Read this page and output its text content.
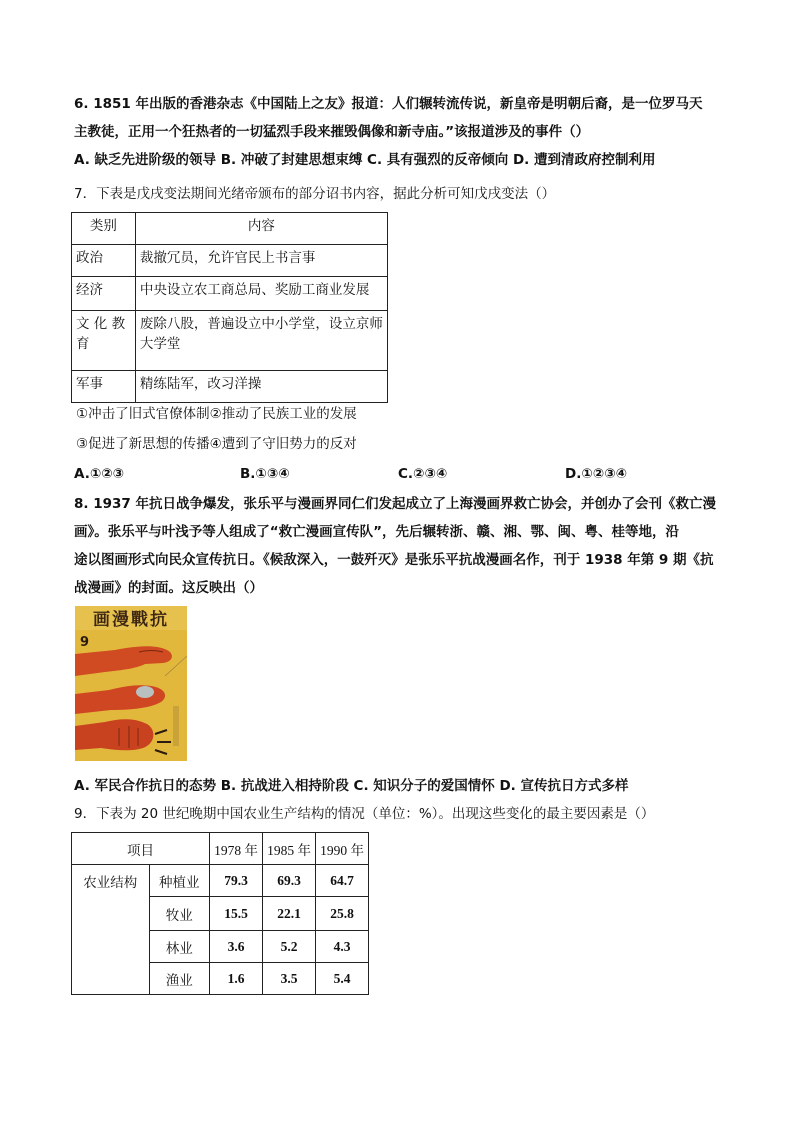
6. 1851 年出版的香港杂志《中国陆上之友》报道：人们辗转流传说，新皇帝是明朝后裔，是一位罗马天
主教徒，正用一个狂热者的一切猛烈手段来摧毁偶像和新寺庙。”该报道涉及的事件（）
A. 缺乏先进阶级的领导 B. 冲破了封建思想束缚 C. 具有强烈的反帝倾向 D. 遭到清政府控制利用
7．下表是戊戌变法期间光绪帝颁布的部分诏书内容，据此分析可知戊戌变法（）
类别	内容

政治	裁撤冗员，允许官民上书言事

经济	中央设立农工商总局、奖励工商业发展

文 化 教育	废除八股，普遍设立中小学堂，设立京师大学堂

军事	精练陆军，改习洋操
①冲击了旧式官僚体制②推动了民族工业的发展
③促进了新思想的传播④遭到了守旧势力的反对
A.①②③	B.①③④	C.②③④	D.①②③④
8. 1937 年抗日战争爆发，张乐平与漫画界同仁们发起成立了上海漫画界救亡协会，并创办了会刊《救亡漫
画》。张乐平与叶浅予等人组成了“救亡漫画宣传队”，先后辗转浙、赣、湘、鄂、闽、粤、桂等地，沿
途以图画形式向民众宣传抗日。《候敌深入，一鼓歼灭》是张乐平抗战漫画名作，刊于 1938 年第 9 期《抗
战漫画》的封面。这反映出（）
画漫戰抗
9
A. 军民合作抗日的态势 B. 抗战进入相持阶段 C. 知识分子的爱国情怀 D. 宣传抗日方式多样
9．下表为 20 世纪晚期中国农业生产结构的情况（单位：%）。出现这些变化的最主要因素是（）
项目		1978 年	1985 年	1990 年
农业结构	种植业	79.3	69.3	64.7
	牧业	15.5	22.1	25.8
	林业	3.6	5.2	4.3
	渔业	1.6	3.5	5.4
